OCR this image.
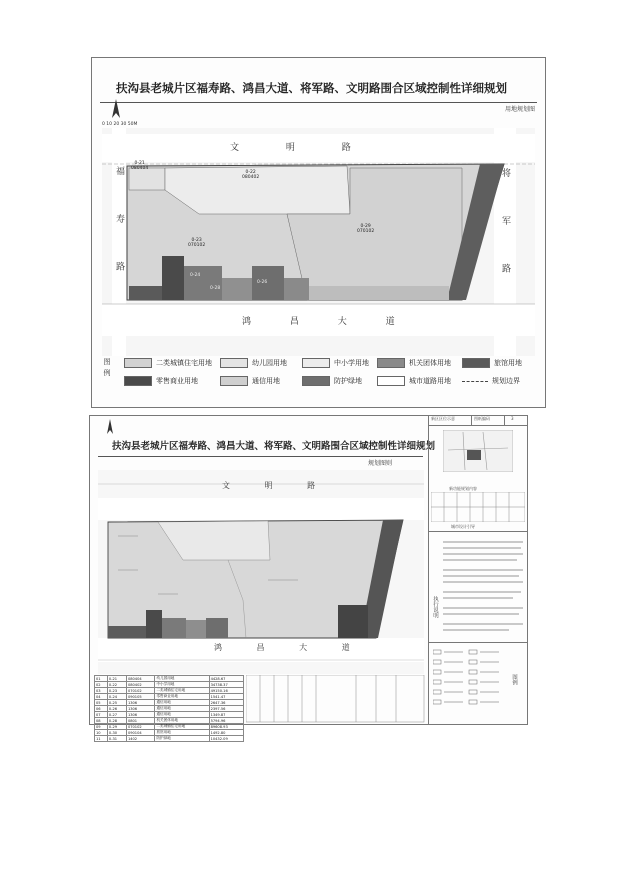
扶沟县老城片区福寿路、鸿昌大道、将军路、文明路围合区域控制性详细规划
用地规划图
0 10 20 30 50M
文 明 路
鸿 昌 大 道
福 寿 路	将 军 路
0-21
080404
0-22
080402
0-23
070102
0-29
070102
0-24
0-26
0-28
图例	二类城镇住宅用地	幼儿园用地	中小学用地	机关团体用地	旅馆用地
零售商业用地	通信用地	防护绿地	城市道路用地	规划边界
扶沟县老城片区福寿路、鸿昌大道、将军路、文明路围合区域控制性详细规划
规划图则
新区区位示意	图纸编码	3
新功能规划内容
城市设计引导
执行说明
图例
文 明 路
鸿 昌 大 道
01	0-21	080404	幼儿园用地	4428.67
02	0-22	080402	中小学用地	34738.37
03	0-23	070102	二类城镇住宅用地	49150.16
04	0-24	090105	零售商业用地	1541.47
05	0-25	1306	通信用地	2647.36
06	0-26	1306	通信用地	2397.56
07	0-27	1306	通信用地	1349.87
08	0-28	0801	机关团体用地	5794.96
09	0-29	070102	二类城镇住宅用地	89608.93
10	0-30	090104	旅馆用地	1492.80
11	0-31	1402	防护绿地	10432.09
